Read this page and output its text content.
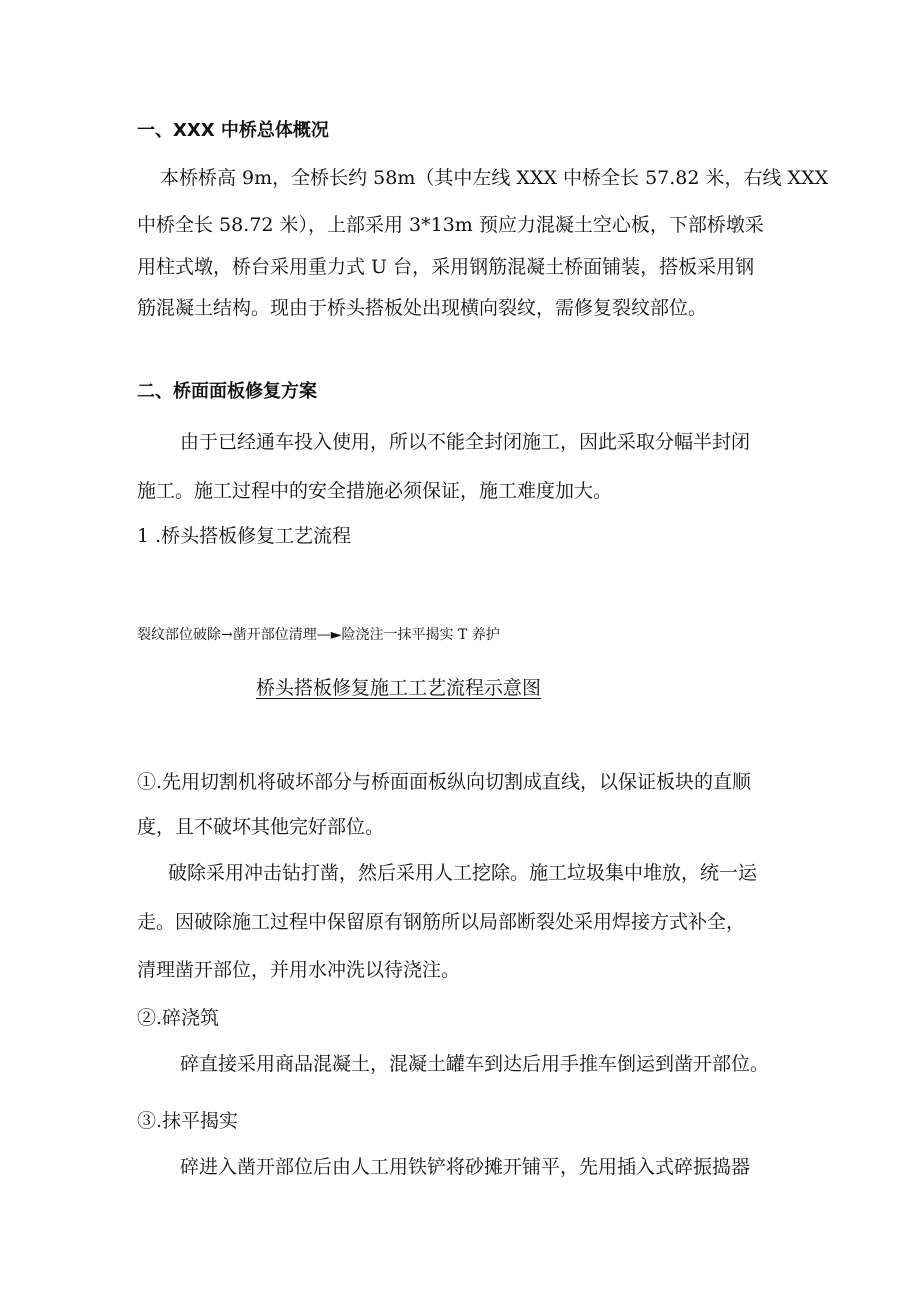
一、XXX 中桥总体概况
本桥桥高 9m，全桥长约 58m（其中左线 XXX 中桥全长 57.82 米，右线 XXX
中桥全长 58.72 米），上部采用 3*13m 预应力混凝土空心板，下部桥墩采
用柱式墩，桥台采用重力式 U 台，采用钢筋混凝土桥面铺装，搭板采用钢
筋混凝土结构。现由于桥头搭板处出现横向裂纹，需修复裂纹部位。
二、桥面面板修复方案
由于已经通车投入使用，所以不能全封闭施工，因此采取分幅半封闭
施工。施工过程中的安全措施必须保证，施工难度加大。
1 .桥头搭板修复工艺流程
裂纹部位破除→凿开部位清理—►险浇注一抹平揭实 T 养护
桥头搭板修复施工工艺流程示意图
①.先用切割机将破坏部分与桥面面板纵向切割成直线，以保证板块的直顺
度，且不破坏其他完好部位。
破除采用冲击钻打凿，然后采用人工挖除。施工垃圾集中堆放，统一运
走。因破除施工过程中保留原有钢筋所以局部断裂处采用焊接方式补全，
清理凿开部位，并用水冲洗以待浇注。
②.碎浇筑
碎直接采用商品混凝土，混凝土罐车到达后用手推车倒运到凿开部位。
③.抹平揭实
碎进入凿开部位后由人工用铁铲将砂摊开铺平，先用插入式碎振捣器
